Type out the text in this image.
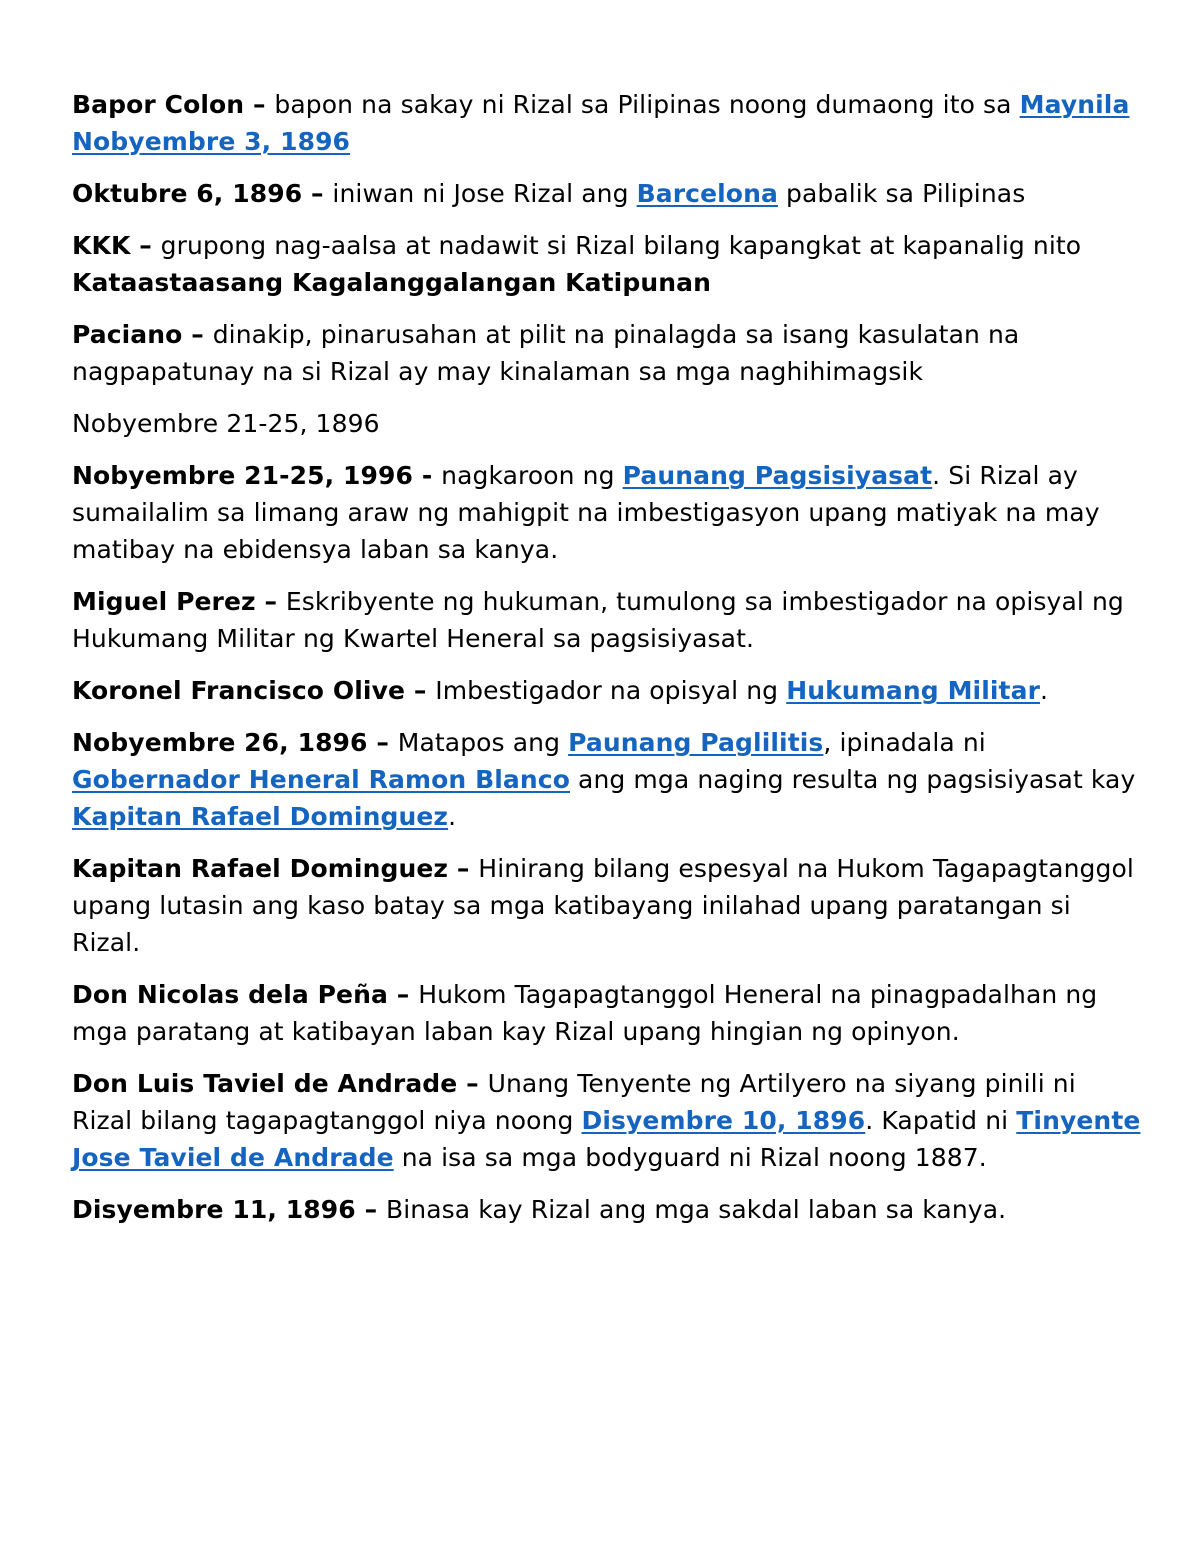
Bapor Colon – bapon na sakay ni Rizal sa Pilipinas noong dumaong ito sa Maynila Nobyembre 3, 1896

Oktubre 6, 1896 – iniwan ni Jose Rizal ang Barcelona pabalik sa Pilipinas

KKK – grupong nag-aalsa at nadawit si Rizal bilang kapangkat at kapanalig nito

Kataastaasang Kagalanggalangan Katipunan

Paciano – dinakip, pinarusahan at pilit na pinalagda sa isang kasulatan na nagpapatunay na si Rizal ay may kinalaman sa mga naghihimagsik

Nobyembre 21-25, 1896

Nobyembre 21-25, 1996 - nagkaroon ng Paunang Pagsisiyasat. Si Rizal ay sumailalim sa limang araw ng mahigpit na imbestigasyon upang matiyak na may matibay na ebidensya laban sa kanya.

Miguel Perez – Eskribyente ng hukuman, tumulong sa imbestigador na opisyal ng Hukumang Militar ng Kwartel Heneral sa pagsisiyasat.

Koronel Francisco Olive – Imbestigador na opisyal ng Hukumang Militar.

Nobyembre 26, 1896 – Matapos ang Paunang Paglilitis, ipinadala ni Gobernador Heneral Ramon Blanco ang mga naging resulta ng pagsisiyasat kay Kapitan Rafael Dominguez.

Kapitan Rafael Dominguez – Hinirang bilang espesyal na Hukom Tagapagtanggol upang lutasin ang kaso batay sa mga katibayang inilahad upang paratangan si Rizal.

Don Nicolas dela Peña – Hukom Tagapagtanggol Heneral na pinagpadalhan ng mga paratang at katibayan laban kay Rizal upang hingian ng opinyon.

Don Luis Taviel de Andrade – Unang Tenyente ng Artilyero na siyang pinili ni Rizal bilang tagapagtanggol niya noong Disyembre 10, 1896. Kapatid ni Tinyente Jose Taviel de Andrade na isa sa mga bodyguard ni Rizal noong 1887.

Disyembre 11, 1896 – Binasa kay Rizal ang mga sakdal laban sa kanya.
